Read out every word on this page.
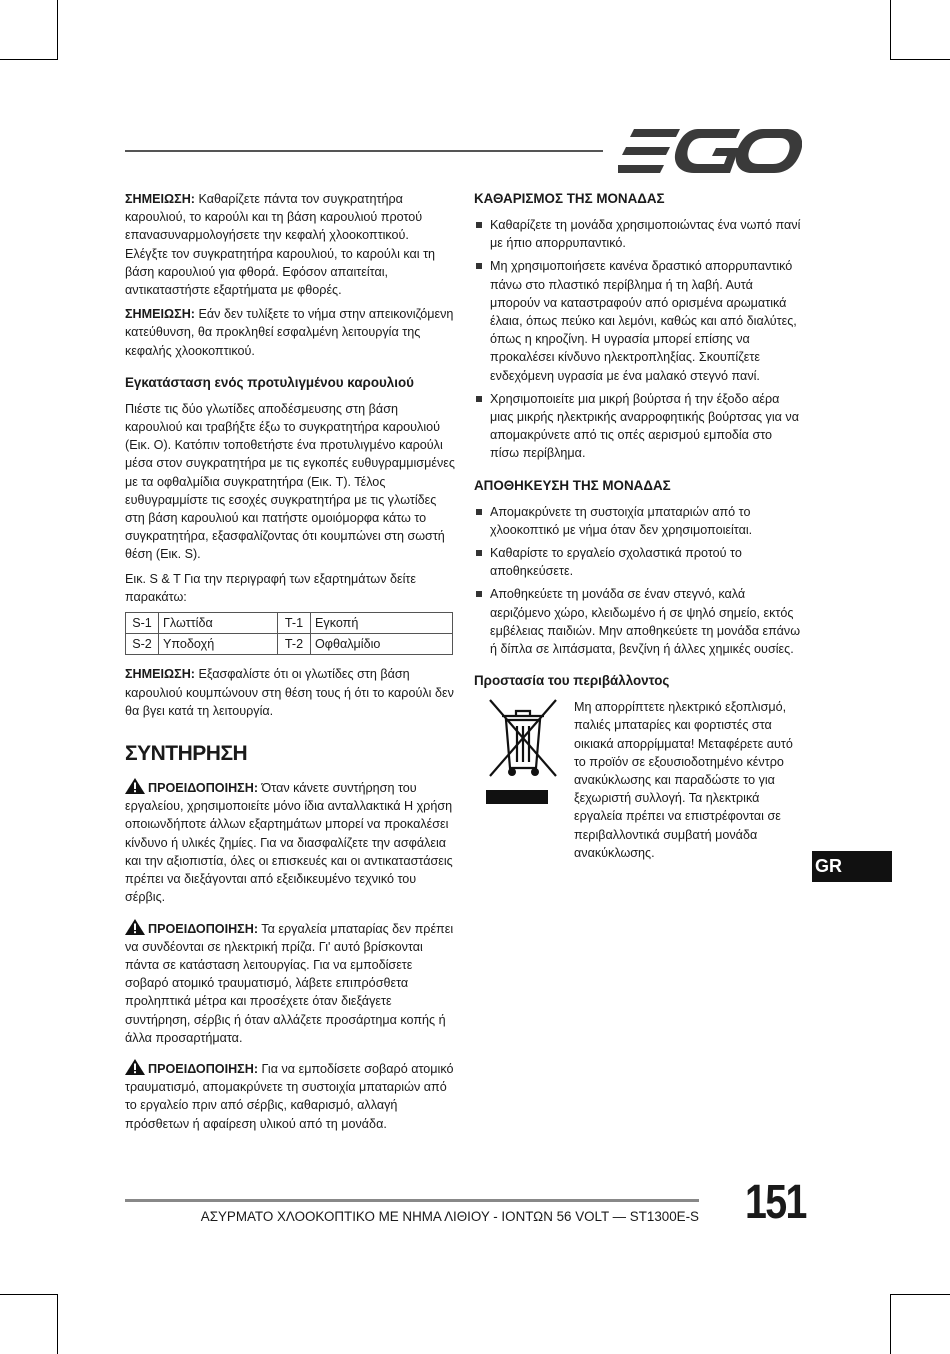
ΣΗΜΕΙΩΣΗ: Καθαρίζετε πάντα τον συγκρατητήρα καρουλιού, το καρούλι και τη βάση καρουλιού προτού επανασυναρμολογήσετε την κεφαλή χλοοκοπτικού. Ελέγξτε τον συγκρατητήρα καρουλιού, το καρούλι και τη βάση καρουλιού για φθορά. Εφόσον απαιτείται, αντικαταστήστε εξαρτήματα με φθορές.

ΣΗΜΕΙΩΣΗ: Εάν δεν τυλίξετε το νήμα στην απεικονιζόμενη κατεύθυνση, θα προκληθεί εσφαλμένη λειτουργία της κεφαλής χλοοκοπτικού.

Εγκατάσταση ενός προτυλιγμένου καρουλιού

Πιέστε τις δύο γλωτίδες αποδέσμευσης στη βάση καρουλιού και τραβήξτε έξω το συγκρατητήρα καρουλιού (Εικ. O). Κατόπιν τοποθετήστε ένα προτυλιγμένο καρούλι μέσα στον συγκρατητήρα με τις εγκοπές ευθυγραμμισμένες με τα οφθαλμίδια συγκρατητήρα (Εικ. T). Τέλος ευθυγραμμίστε τις εσοχές συγκρατητήρα με τις γλωτίδες στη βάση καρουλιού και πατήστε ομοιόμορφα κάτω το συγκρατητήρα, εξασφαλίζοντας ότι κουμπώνει στη σωστή θέση (Εικ. S).

Εικ. S & T Για την περιγραφή των εξαρτημάτων δείτε παρακάτω:

S-1	Γλωττίδα	T-1	Εγκοπή
S-2	Υποδοχή	T-2	Οφθαλμίδιο

ΣΗΜΕΙΩΣΗ: Εξασφαλίστε ότι οι γλωτίδες στη βάση καρουλιού κουμπώνουν στη θέση τους ή ότι το καρούλι δεν θα βγει κατά τη λειτουργία.

ΣΥΝΤΗΡΗΣΗ

ΠΡΟΕΙΔΟΠΟΙΗΣΗ: Όταν κάνετε συντήρηση του εργαλείου, χρησιμοποιείτε μόνο ίδια ανταλλακτικά Η χρήση οποιωνδήποτε άλλων εξαρτημάτων μπορεί να προκαλέσει κίνδυνο ή υλικές ζημίες. Για να διασφαλίζετε την ασφάλεια και την αξιοπιστία, όλες οι επισκευές και οι αντικαταστάσεις πρέπει να διεξάγονται από εξειδικευμένο τεχνικό του σέρβις.

ΠΡΟΕΙΔΟΠΟΙΗΣΗ: Τα εργαλεία μπαταρίας δεν πρέπει να συνδέονται σε ηλεκτρική πρίζα. Γι' αυτό βρίσκονται πάντα σε κατάσταση λειτουργίας. Για να εμποδίσετε σοβαρό ατομικό τραυματισμό, λάβετε επιπρόσθετα προληπτικά μέτρα και προσέχετε όταν διεξάγετε συντήρηση, σέρβις ή όταν αλλάζετε προσάρτημα κοπής ή άλλα προσαρτήματα.

ΠΡΟΕΙΔΟΠΟΙΗΣΗ: Για να εμποδίσετε σοβαρό ατομικό τραυματισμό, απομακρύνετε τη συστοιχία μπαταριών από το εργαλείο πριν από σέρβις, καθαρισμό, αλλαγή πρόσθετων ή αφαίρεση υλικού από τη μονάδα.

ΚΑΘΑΡΙΣΜΟΣ ΤΗΣ ΜΟΝΑΔΑΣ
Καθαρίζετε τη μονάδα χρησιμοποιώντας ένα νωπό πανί με ήπιο απορρυπαντικό.
Μη χρησιμοποιήσετε κανένα δραστικό απορρυπαντικό πάνω στο πλαστικό περίβλημα ή τη λαβή. Αυτά μπορούν να καταστραφούν από ορισμένα αρωματικά έλαια, όπως πεύκο και λεμόνι, καθώς και από διαλύτες, όπως η κηροζίνη. Η υγρασία μπορεί επίσης να προκαλέσει κίνδυνο ηλεκτροπληξίας. Σκουπίζετε ενδεχόμενη υγρασία με ένα μαλακό στεγνό πανί.
Χρησιμοποιείτε μια μικρή βούρτσα ή την έξοδο αέρα μιας μικρής ηλεκτρικής αναρροφητικής βούρτσας για να απομακρύνετε από τις οπές αερισμού εμποδία στο πίσω περίβλημα.
ΑΠΟΘΗΚΕΥΣΗ ΤΗΣ ΜΟΝΑΔΑΣ
Απομακρύνετε τη συστοιχία μπαταριών από το χλοοκοπτικό με νήμα όταν δεν χρησιμοποιείται.
Καθαρίστε το εργαλείο σχολαστικά προτού το αποθηκεύσετε.
Αποθηκεύετε τη μονάδα σε έναν στεγνό, καλά αεριζόμενο χώρο, κλειδωμένο ή σε ψηλό σημείο, εκτός εμβέλειας παιδιών. Μην αποθηκεύετε τη μονάδα επάνω ή δίπλα σε λιπάσματα, βενζίνη ή άλλες χημικές ουσίες.
Προστασία του περιβάλλοντος
Μη απορρίπτετε ηλεκτρικό εξοπλισμό, παλιές μπαταρίες και φορτιστές στα οικιακά απορρίμματα! Μεταφέρετε αυτό το προϊόν σε εξουσιοδοτημένο κέντρο ανακύκλωσης και παραδώστε το για ξεχωριστή συλλογή. Τα ηλεκτρικά εργαλεία πρέπει να επιστρέφονται σε περιβαλλοντικά συμβατή μονάδα ανακύκλωσης.
GR
ΑΣΥΡΜΑΤΟ ΧΛΟΟΚΟΠΤΙΚΟ ΜΕ ΝΗΜΑ ΛΙΘΙΟΥ - ΙΟΝΤΩΝ 56 VOLT — ST1300E-S 151
